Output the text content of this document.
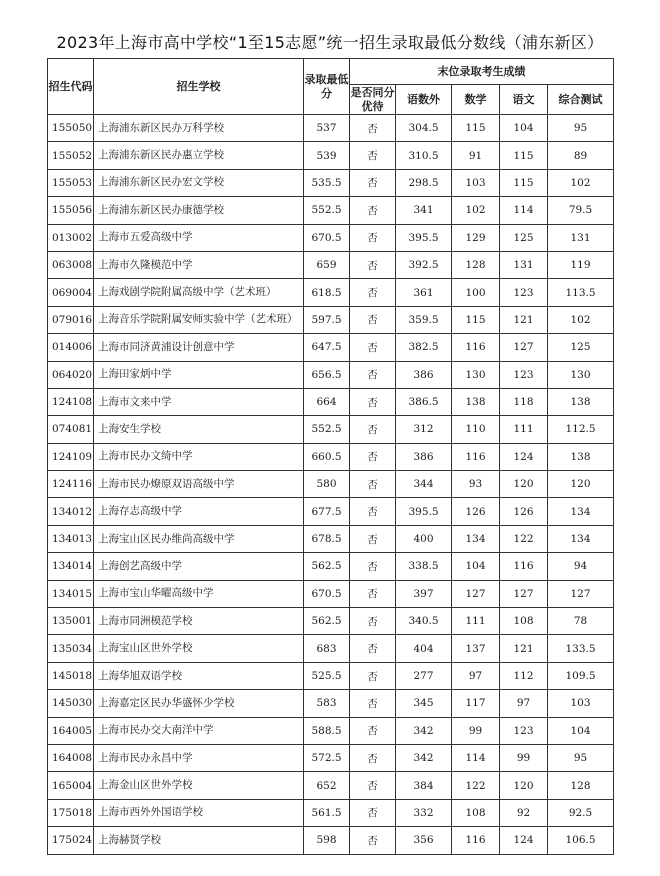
2023年上海市高中学校“1至15志愿”统一招生录取最低分数线（浦东新区）
招生代码	招生学校	录取最低分	末位录取考生成绩				
			是否同分优待	语数外	数学	语文	综合测试
155050	上海浦东新区民办万科学校	537	否	304.5	115	104	95
155052	上海浦东新区民办惠立学校	539	否	310.5	91	115	89
155053	上海浦东新区民办宏文学校	535.5	否	298.5	103	115	102
155056	上海浦东新区民办康德学校	552.5	否	341	102	114	79.5
013002	上海市五爱高级中学	670.5	否	395.5	129	125	131
063008	上海市久隆模范中学	659	否	392.5	128	131	119
069004	上海戏剧学院附属高级中学（艺术班）	618.5	否	361	100	123	113.5
079016	上海音乐学院附属安师实验中学（艺术班）	597.5	否	359.5	115	121	102
014006	上海市同济黄浦设计创意中学	647.5	否	382.5	116	127	125
064020	上海田家炳中学	656.5	否	386	130	123	130
124108	上海市文来中学	664	否	386.5	138	118	138
074081	上海安生学校	552.5	否	312	110	111	112.5
124109	上海市民办文绮中学	660.5	否	386	116	124	138
124116	上海市民办燎原双语高级中学	580	否	344	93	120	120
134012	上海存志高级中学	677.5	否	395.5	126	126	134
134013	上海宝山区民办维尚高级中学	678.5	否	400	134	122	134
134014	上海创艺高级中学	562.5	否	338.5	104	116	94
134015	上海市宝山华曜高级中学	670.5	否	397	127	127	127
135001	上海市同洲模范学校	562.5	否	340.5	111	108	78
135034	上海宝山区世外学校	683	否	404	137	121	133.5
145018	上海华旭双语学校	525.5	否	277	97	112	109.5
145030	上海嘉定区民办华盛怀少学校	583	否	345	117	97	103
164005	上海市民办交大南洋中学	588.5	否	342	99	123	104
164008	上海市民办永昌中学	572.5	否	342	114	99	95
165004	上海金山区世外学校	652	否	384	122	120	128
175018	上海市西外外国语学校	561.5	否	332	108	92	92.5
175024	上海赫贤学校	598	否	356	116	124	106.5
